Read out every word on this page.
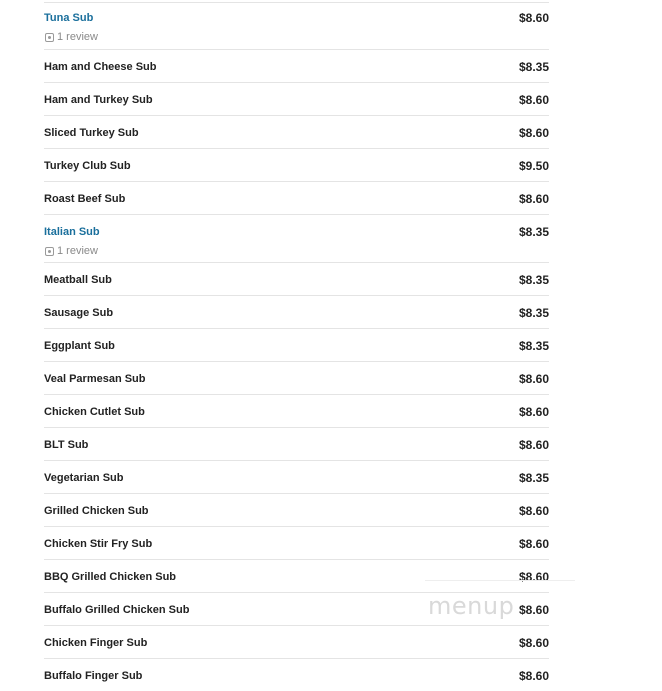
Tuna Sub	$8.60
1 review
Ham and Cheese Sub	$8.35
Ham and Turkey Sub	$8.60
Sliced Turkey Sub	$8.60
Turkey Club Sub	$9.50
Roast Beef Sub	$8.60
Italian Sub	$8.35
1 review
Meatball Sub	$8.35
Sausage Sub	$8.35
Eggplant Sub	$8.35
Veal Parmesan Sub	$8.60
Chicken Cutlet Sub	$8.60
BLT Sub	$8.60
Vegetarian Sub	$8.35
Grilled Chicken Sub	$8.60
Chicken Stir Fry Sub	$8.60
BBQ Grilled Chicken Sub	$8.60
Buffalo Grilled Chicken Sub	$8.60
Chicken Finger Sub	$8.60
Buffalo Finger Sub	$8.60
menup
